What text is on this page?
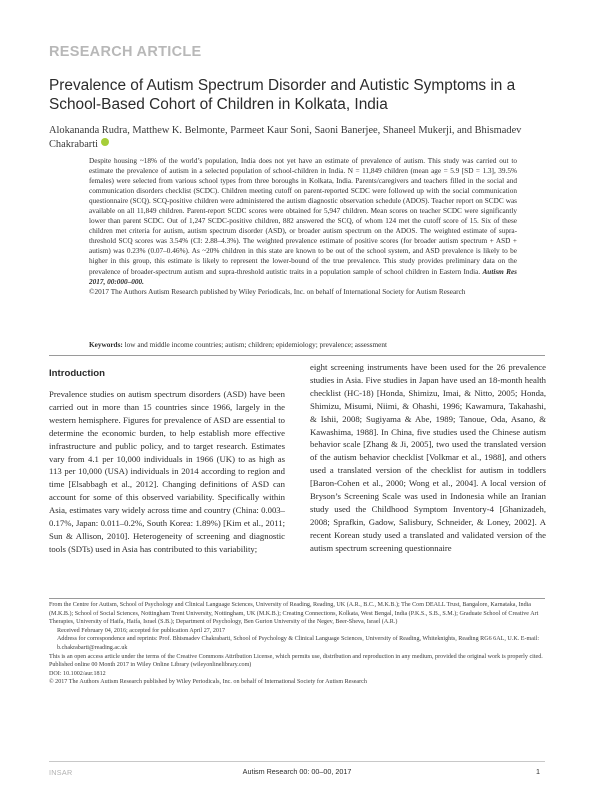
RESEARCH ARTICLE
Prevalence of Autism Spectrum Disorder and Autistic Symptoms in a School-Based Cohort of Children in Kolkata, India
Alokananda Rudra, Matthew K. Belmonte, Parmeet Kaur Soni, Saoni Banerjee, Shaneel Mukerji, and Bhismadev Chakrabarti

Despite housing ~18% of the world’s population, India does not yet have an estimate of prevalence of autism. This study was carried out to estimate the prevalence of autism in a selected population of school-children in India. N = 11,849 children (mean age = 5.9 [SD = 1.3], 39.5% females) were selected from various school types from three boroughs in Kolkata, India. Parents/caregivers and teachers filled in the social and communication disorders checklist (SCDC). Children meeting cutoff on parent-reported SCDC were followed up with the social communication questionnaire (SCQ). SCQ-positive children were administered the autism diagnostic observation schedule (ADOS). Teacher report on SCDC was available on all 11,849 children. Parent-report SCDC scores were obtained for 5,947 children. Mean scores on teacher SCDC were significantly lower than parent SCDC. Out of 1,247 SCDC-positive children, 882 answered the SCQ, of whom 124 met the cutoff score of 15. Six of these children met criteria for autism, autism spectrum disorder (ASD), or broader autism spectrum on the ADOS. The weighted estimate of supra-threshold SCQ scores was 3.54% (CI: 2.88–4.3%). The weighted prevalence estimate of positive scores (for broader autism spectrum + ASD + autism) was 0.23% (0.07–0.46%). As ~20% children in this state are known to be out of the school system, and ASD prevalence is likely to be higher in this group, this estimate is likely to represent the lower-bound of the true prevalence. This study provides preliminary data on the prevalence of broader-spectrum autism and supra-threshold autistic traits in a population sample of school children in Eastern India. Autism Res 2017, 00:000–000.

©2017 The Authors Autism Research published by Wiley Periodicals, Inc. on behalf of International Society for Autism Research

Keywords: low and middle income countries; autism; children; epidemiology; prevalence; assessment
Introduction

Prevalence studies on autism spectrum disorders (ASD) have been carried out in more than 15 countries since 1966, largely in the western hemisphere. Figures for prevalence of ASD are essential to determine the economic burden, to help establish more effective infrastructure and public policy, and to target research. Estimates vary from 4.1 per 10,000 individuals in 1966 (UK) to as high as 113 per 10,000 (USA) individuals in 2014 according to region and time [Elsabbagh et al., 2012]. Changing definitions of ASD can account for some of this observed variability. Specifically within Asia, estimates vary widely across time and country (China: 0.003–0.17%, Japan: 0.011–0.2%, South Korea: 1.89%) [Kim et al., 2011; Sun & Allison, 2010]. Heterogeneity of screening and diagnostic tools (SDTs) used in Asia has contributed to this variability;

eight screening instruments have been used for the 26 prevalence studies in Asia. Five studies in Japan have used an 18-month health checklist (HC-18) [Honda, Shimizu, Imai, & Nitto, 2005; Honda, Shimizu, Misumi, Niimi, & Ohashi, 1996; Kawamura, Takahashi, & Ishii, 2008; Sugiyama & Abe, 1989; Tanoue, Oda, Asano, & Kawashima, 1988]. In China, five studies used the Chinese autism behavior scale [Zhang & Ji, 2005], two used the translated version of the autism behavior checklist [Volkmar et al., 1988], and others used a translated version of the checklist for autism in toddlers [Baron-Cohen et al., 2000; Wong et al., 2004]. A local version of Bryson’s Screening Scale was used in Indonesia while an Iranian study used the Childhood Symptom Inventory-4 [Ghanizadeh, 2008; Sprafkin, Gadow, Salisbury, Schneider, & Loney, 2002]. A recent Korean study used a translated and validated version of the autism spectrum screening questionnaire

From the Centre for Autism, School of Psychology and Clinical Language Sciences, University of Reading, Reading, UK (A.R., B.C., M.K.B.); The Com DEALL Trust, Bangalore, Karnataka, India (M.K.B.); School of Social Sciences, Nottingham Trent University, Nottingham, UK (M.K.B.); Creating Connections, Kolkata, West Bengal, India (P.K.S., S.B., S.M.); Graduate School of Creative Art Therapies, University of Haifa, Haifa, Israel (S.B.); Department of Psychology, Ben Gurion University of the Negev, Beer-Sheva, Israel (A.R.)
Received February 04, 2016; accepted for publication April 27, 2017
Address for correspondence and reprints: Prof. Bhismadev Chakrabarti, School of Psychology & Clinical Language Sciences, University of Reading, Whiteknights, Reading RG6 6AL, U.K. E-mail: b.chakrabarti@reading.ac.uk
This is an open access article under the terms of the Creative Commons Attribution License, which permits use, distribution and reproduction in any medium, provided the original work is properly cited.
Published online 00 Month 2017 in Wiley Online Library (wileyonlinelibrary.com)
DOI: 10.1002/aur.1812
© 2017 The Authors Autism Research published by Wiley Periodicals, Inc. on behalf of International Society for Autism Research
INSAR	Autism Research 00: 00–00, 2017	1
